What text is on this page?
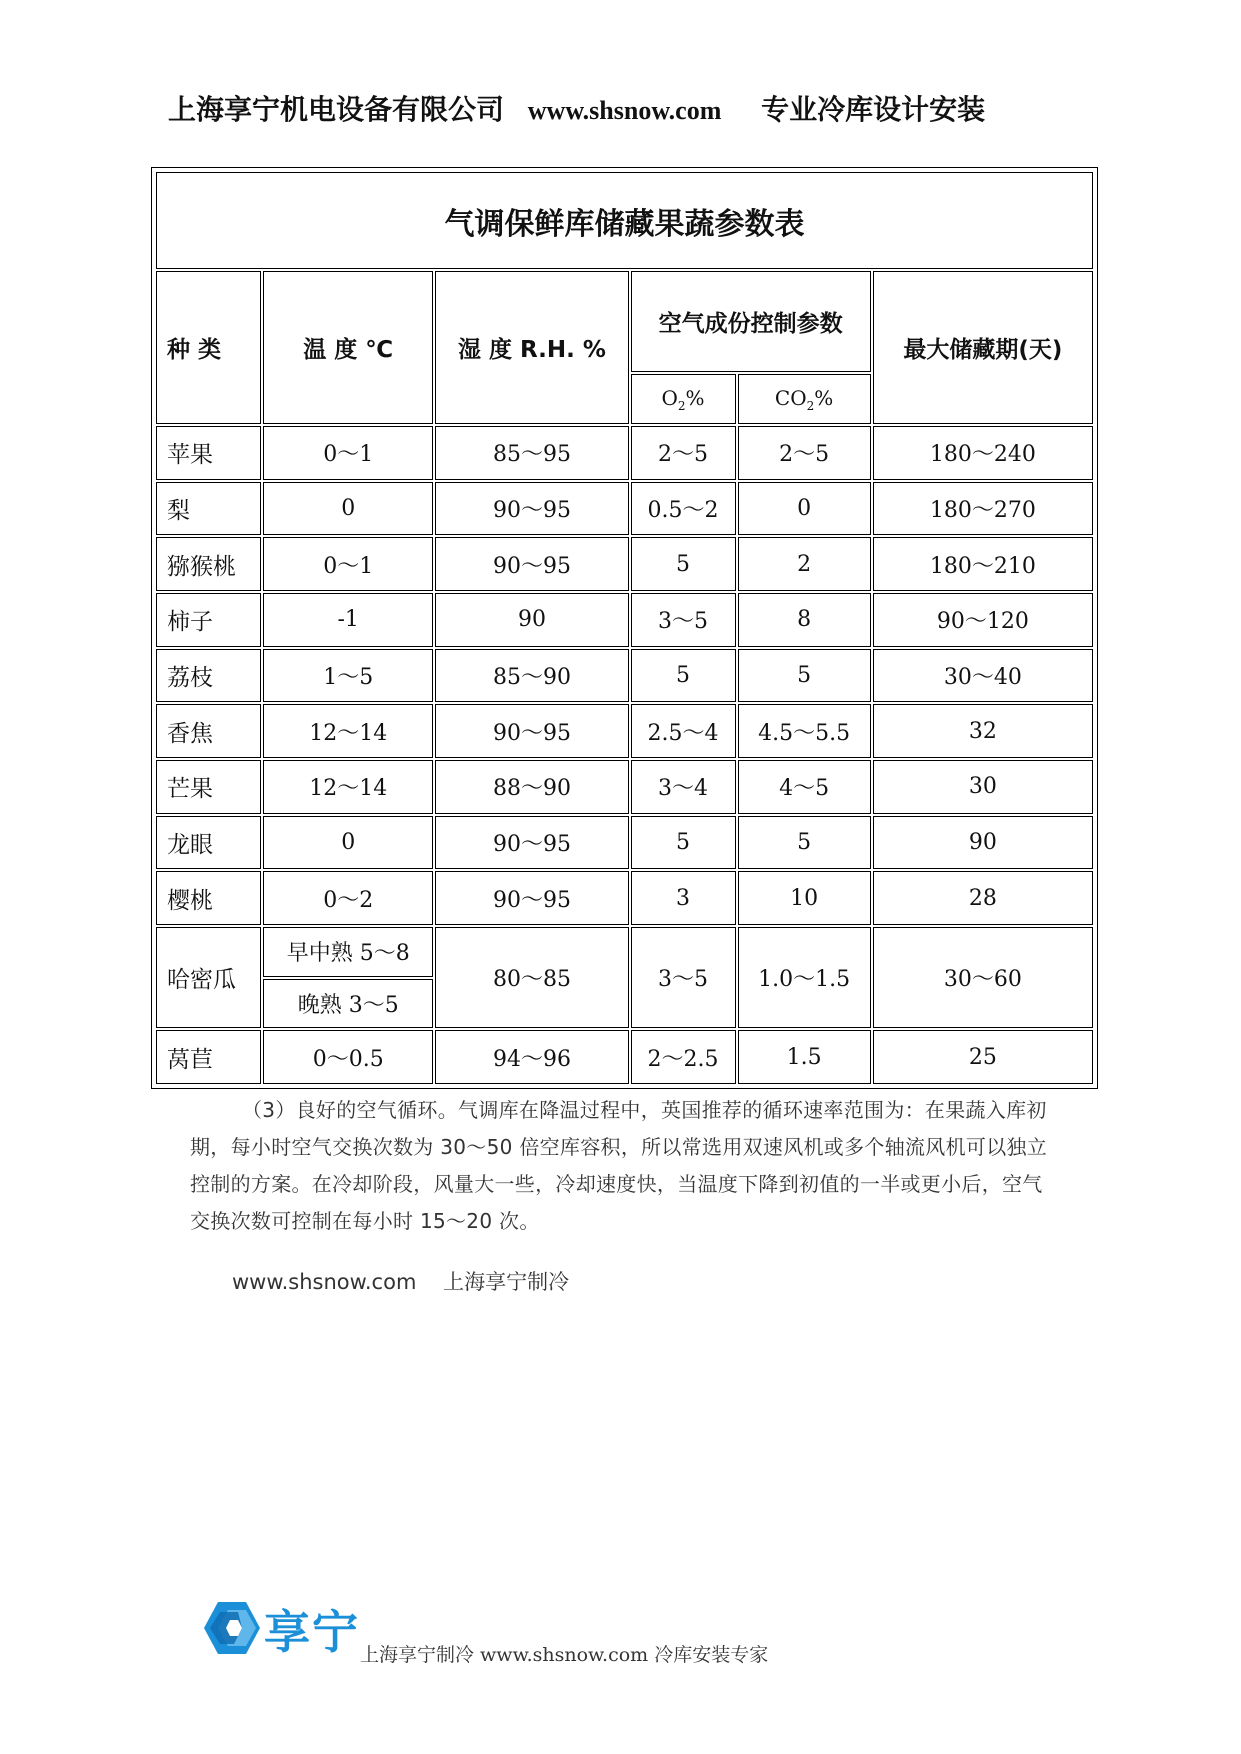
上海享宁机电设备有限公司 www.shsnow.com 专业冷库设计安装
气调保鲜库储藏果蔬参数表					
种 类	温 度 ℃	湿 度 R.H. %	空气成份控制参数		最大储藏期(天)
			$O_2\%$	$CO_2\%$	
苹果	0～1	85～95	2～5	2～5	180～240
梨	0	90～95	0.5～2	0	180～270
猕猴桃	0～1	90～95	5	2	180～210
柿子	-1	90	3～5	8	90～120
荔枝	1～5	85～90	5	5	30～40
香焦	12～14	90～95	2.5～4	4.5～5.5	32
芒果	12～14	88～90	3～4	4～5	30
龙眼	0	90～95	5	5	90
樱桃	0～2	90～95	3	10	28
哈密瓜	早中熟 5～8	80～85	3～5	1.0～1.5	30～60
	晚熟 3～5				
莴苣	0～0.5	94～96	2～2.5	1.5	25
（3）良好的空气循环。气调库在降温过程中，英国推荐的循环速率范围为：在果蔬入库初期，每小时空气交换次数为 30～50 倍空库容积，所以常选用双速风机或多个轴流风机可以独立控制的方案。在冷却阶段，风量大一些，冷却速度快，当温度下降到初值的一半或更小后，空气交换次数可控制在每小时 15～20 次。
www.shsnow.com 上海享宁制冷
享宁 上海享宁制冷 www.shsnow.com 冷库安装专家
